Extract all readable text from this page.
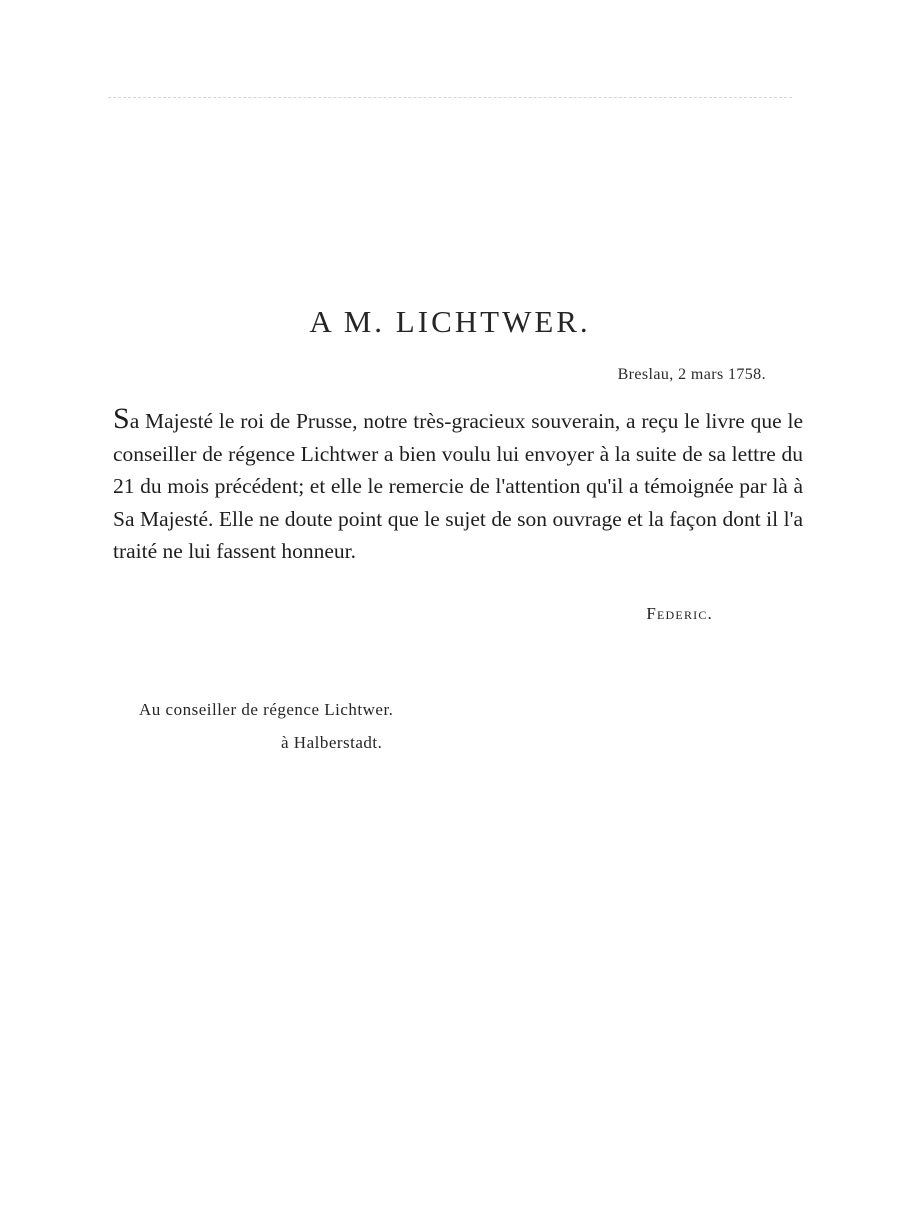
A M. LICHTWER.
Breslau, 2 mars 1758.

Sa Majesté le roi de Prusse, notre très-gracieux souverain, a reçu le livre que le conseiller de régence Lichtwer a bien voulu lui envoyer à la suite de sa lettre du 21 du mois précédent; et elle le remercie de l'attention qu'il a témoignée par là à Sa Majesté. Elle ne doute point que le sujet de son ouvrage et la façon dont il l'a traité ne lui fassent honneur.

Federic.
Au conseiller de régence Lichtwer.
à Halberstadt.
